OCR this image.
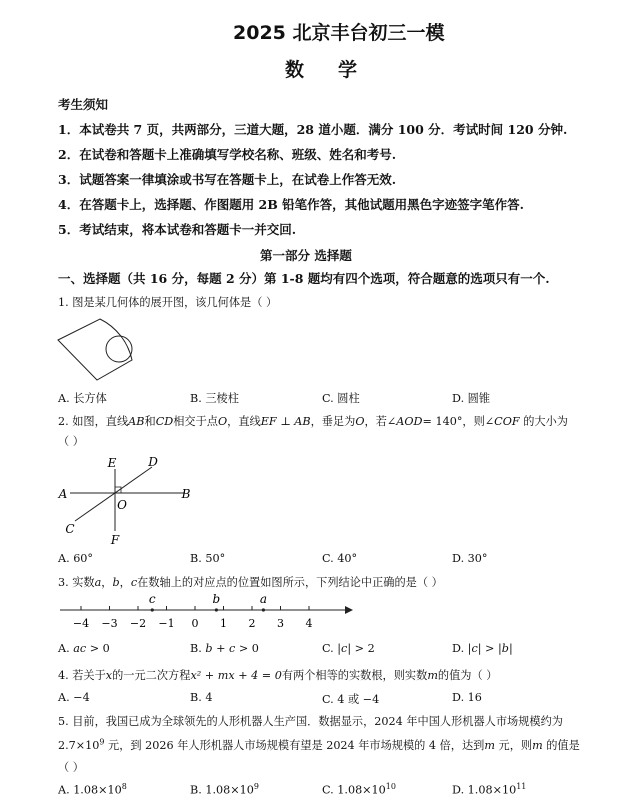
2025 北京丰台初三一模
数 学
考生须知
1．本试卷共 7 页，共两部分，三道大题，28 道小题．满分 100 分．考试时间 120 分钟.
2．在试卷和答题卡上准确填写学校名称、班级、姓名和考号.
3．试题答案一律填涂或书写在答题卡上，在试卷上作答无效.
4．在答题卡上，选择题、作图题用 2B 铅笔作答，其他试题用黑色字迹签字笔作答.
5．考试结束，将本试卷和答题卡一并交回.
第一部分 选择题
一、选择题（共 16 分，每题 2 分）第 1-8 题均有四个选项，符合题意的选项只有一个.
1. 图是某几何体的展开图，该几何体是（ ）
A. 长方体	B. 三棱柱	C. 圆柱	D. 圆锥
2. 如图，直线AB和CD相交于点O，直线EF ⊥ AB，垂足为O，若∠AOD= 140°，则∠COF 的大小为
（ ）
E	D
A	B
O
C
F
A. 60°	B. 50°	C. 40°	D. 30°
3. 实数a，b，c在数轴上的对应点的位置如图所示，下列结论中正确的是（ ）
−4 −3 −2 −1 0 1 2 3 4
c	b	a
A. ac > 0	B. b + c > 0	C. |c| > 2	D. |c| > |b|
4. 若关于x的一元二次方程x² + mx + 4 = 0有两个相等的实数根，则实数m的值为（ ）
A. −4	B. 4	C. 4 或 −4	D. 16
5. 目前，我国已成为全球领先的人形机器人生产国．数据显示，2024 年中国人形机器人市场规模约为
$2.7\times 10^9$ 元，到 2026 年人形机器人市场规模有望是 2024 年市场规模的 4 倍，达到m 元，则m 的值是
（ ）
A. $1.08\times 10^8$	B. $1.08\times 10^9$	C. $1.08\times 10^{10}$	D. $1.08\times 10^{11}$
